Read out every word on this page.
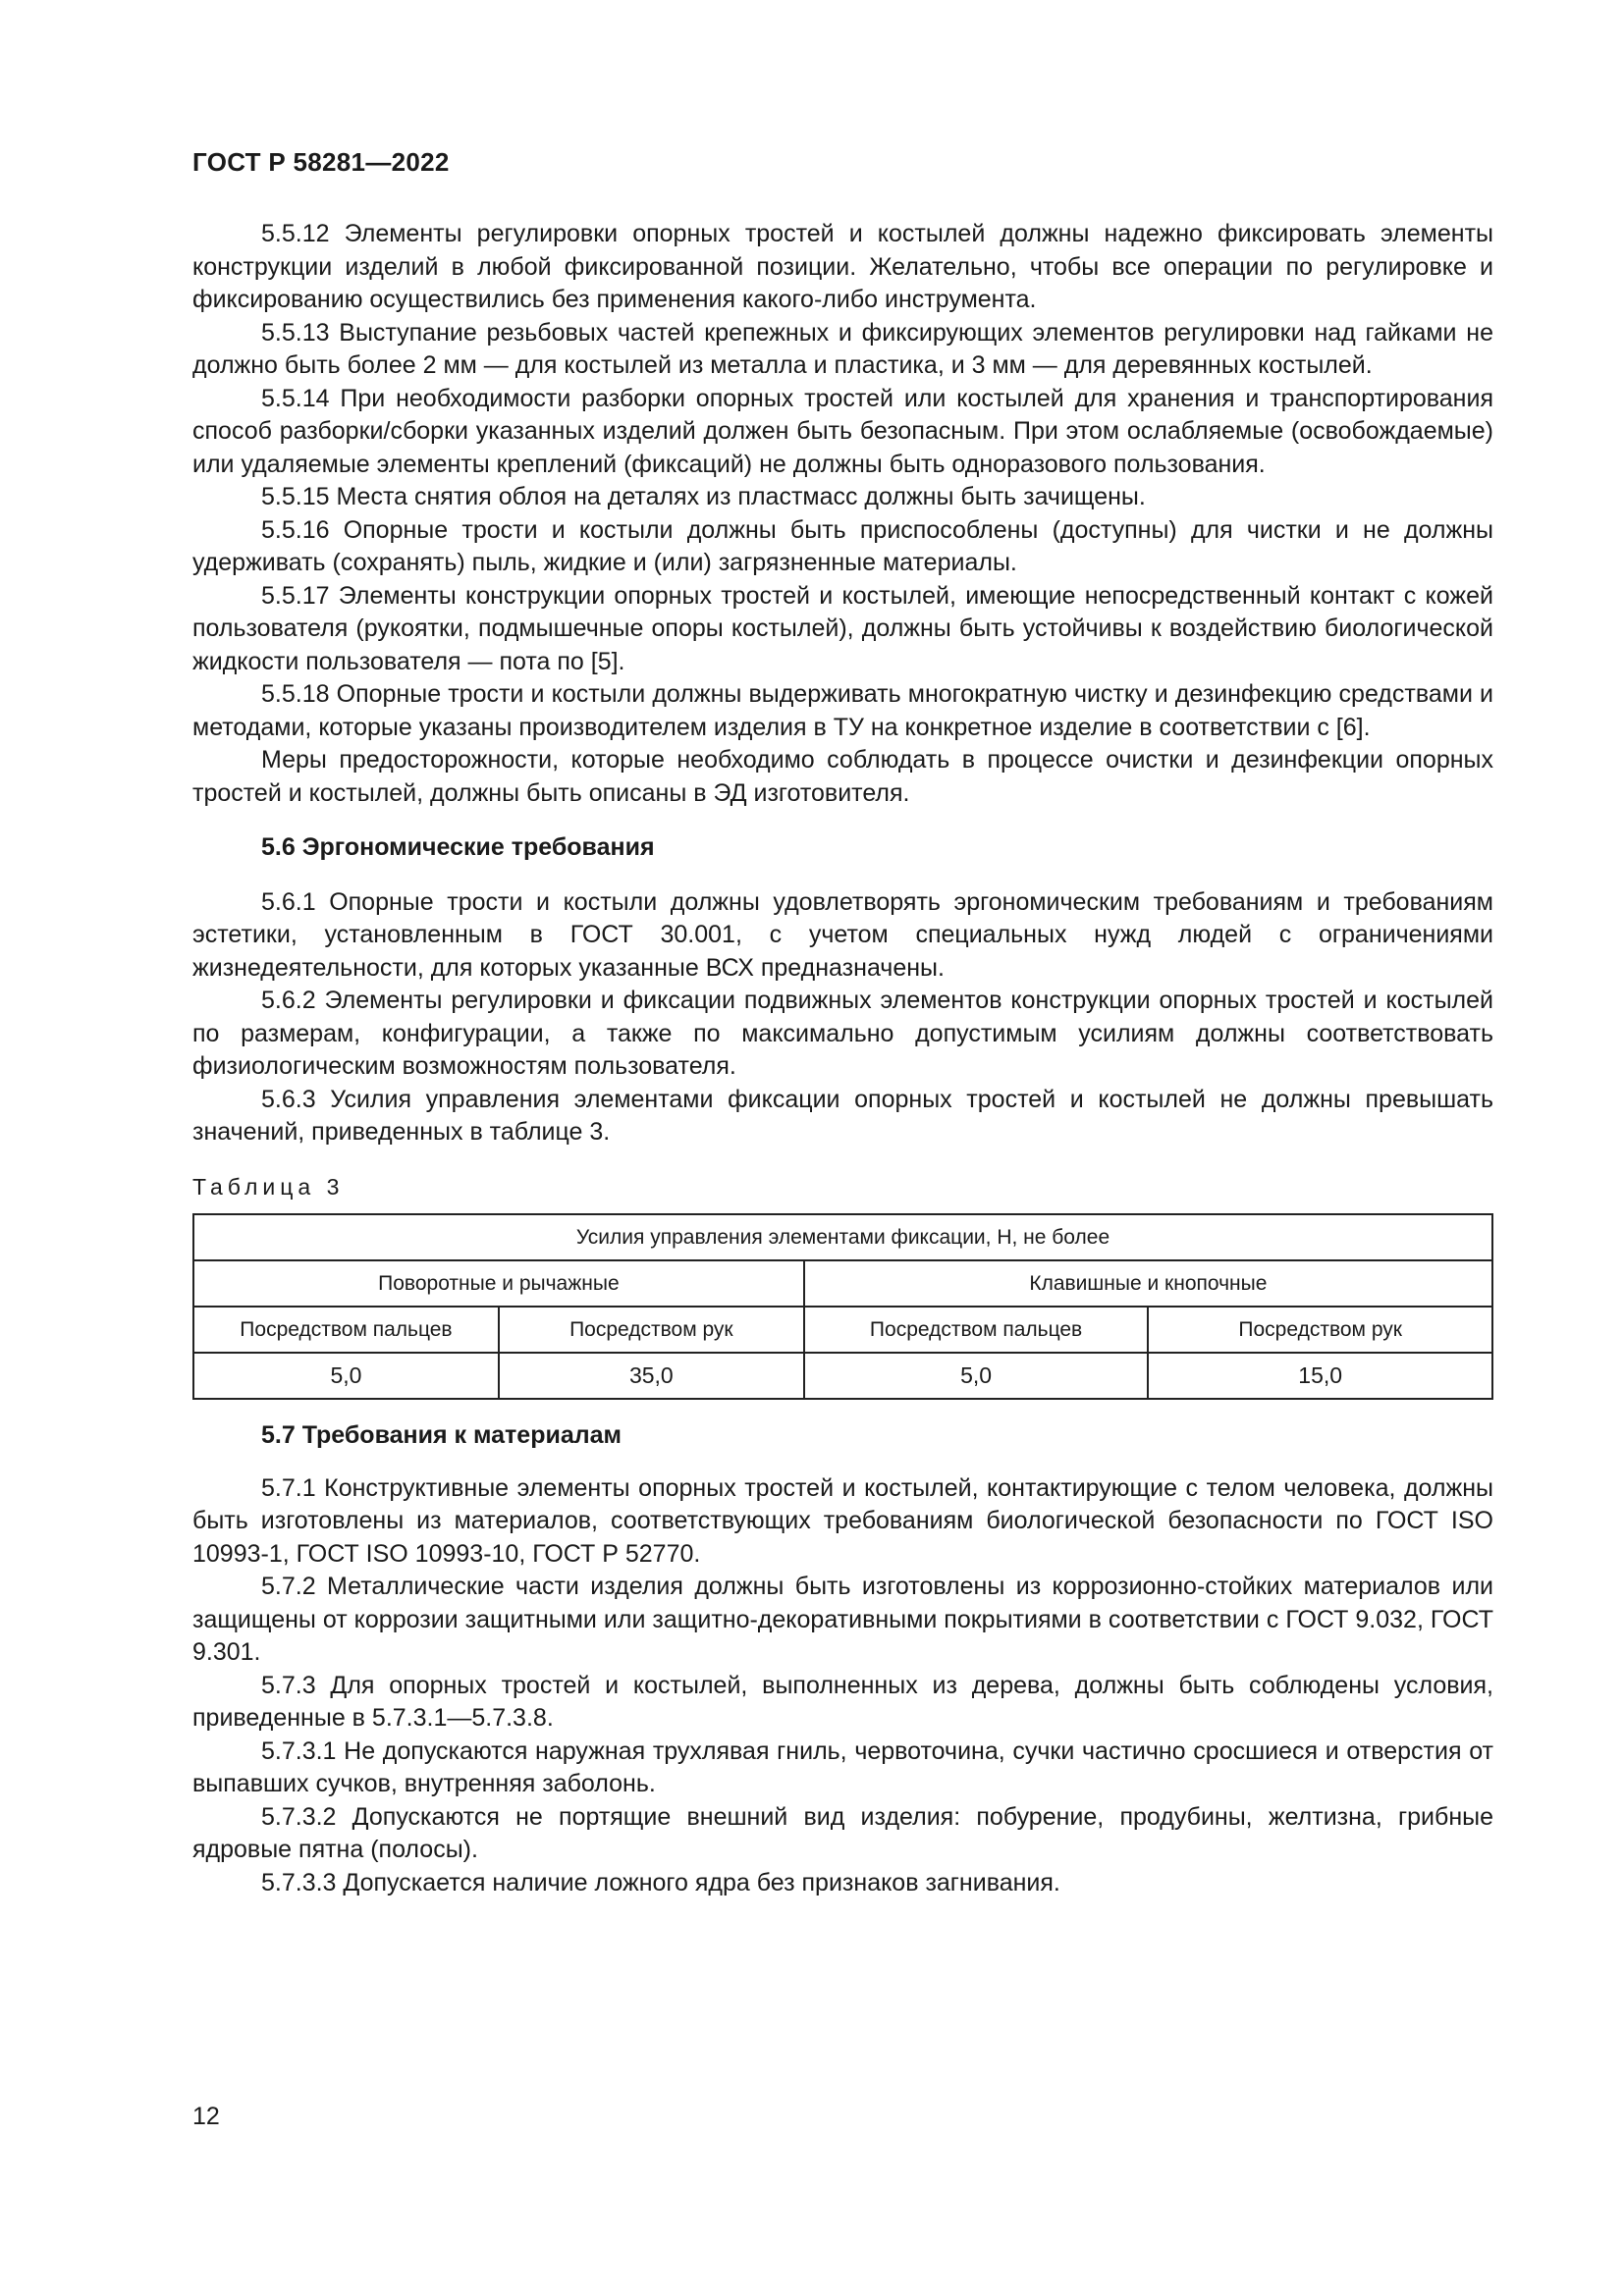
ГОСТ Р 58281—2022

5.5.12 Элементы регулировки опорных тростей и костылей должны надежно фиксировать элементы конструкции изделий в любой фиксированной позиции. Желательно, чтобы все операции по регулировке и фиксированию осуществились без применения какого-либо инструмента.

5.5.13 Выступание резьбовых частей крепежных и фиксирующих элементов регулировки над гайками не должно быть более 2 мм — для костылей из металла и пластика, и 3 мм — для деревянных костылей.

5.5.14 При необходимости разборки опорных тростей или костылей для хранения и транспортирования способ разборки/сборки указанных изделий должен быть безопасным. При этом ослабляемые (освобождаемые) или удаляемые элементы креплений (фиксаций) не должны быть одноразового пользования.

5.5.15 Места снятия облоя на деталях из пластмасс должны быть зачищены.

5.5.16 Опорные трости и костыли должны быть приспособлены (доступны) для чистки и не должны удерживать (сохранять) пыль, жидкие и (или) загрязненные материалы.

5.5.17 Элементы конструкции опорных тростей и костылей, имеющие непосредственный контакт с кожей пользователя (рукоятки, подмышечные опоры костылей), должны быть устойчивы к воздействию биологической жидкости пользователя — пота по [5].

5.5.18 Опорные трости и костыли должны выдерживать многократную чистку и дезинфекцию средствами и методами, которые указаны производителем изделия в ТУ на конкретное изделие в соответствии с [6].

Меры предосторожности, которые необходимо соблюдать в процессе очистки и дезинфекции опорных тростей и костылей, должны быть описаны в ЭД изготовителя.

5.6 Эргономические требования

5.6.1 Опорные трости и костыли должны удовлетворять эргономическим требованиям и требованиям эстетики, установленным в ГОСТ 30.001, с учетом специальных нужд людей с ограничениями жизнедеятельности, для которых указанные ВСХ предназначены.

5.6.2 Элементы регулировки и фиксации подвижных элементов конструкции опорных тростей и костылей по размерам, конфигурации, а также по максимально допустимым усилиям должны соответствовать физиологическим возможностям пользователя.

5.6.3 Усилия управления элементами фиксации опорных тростей и костылей не должны превышать значений, приведенных в таблице 3.

Таблица 3
Усилия управления элементами фиксации, Н, не более			
Поворотные и рычажные		Клавишные и кнопочные	
Посредством пальцев	Посредством рук	Посредством пальцев	Посредством рук
5,0	35,0	5,0	15,0

5.7 Требования к материалам

5.7.1 Конструктивные элементы опорных тростей и костылей, контактирующие с телом человека, должны быть изготовлены из материалов, соответствующих требованиям биологической безопасности по ГОСТ ISO 10993-1, ГОСТ ISO 10993-10, ГОСТ Р 52770.

5.7.2 Металлические части изделия должны быть изготовлены из коррозионно-стойких материалов или защищены от коррозии защитными или защитно-декоративными покрытиями в соответствии с ГОСТ 9.032, ГОСТ 9.301.

5.7.3 Для опорных тростей и костылей, выполненных из дерева, должны быть соблюдены условия, приведенные в 5.7.3.1—5.7.3.8.

5.7.3.1 Не допускаются наружная трухлявая гниль, червоточина, сучки частично сросшиеся и отверстия от выпавших сучков, внутренняя заболонь.

5.7.3.2 Допускаются не портящие внешний вид изделия: побурение, продубины, желтизна, грибные ядровые пятна (полосы).

5.7.3.3 Допускается наличие ложного ядра без признаков загнивания.

12
